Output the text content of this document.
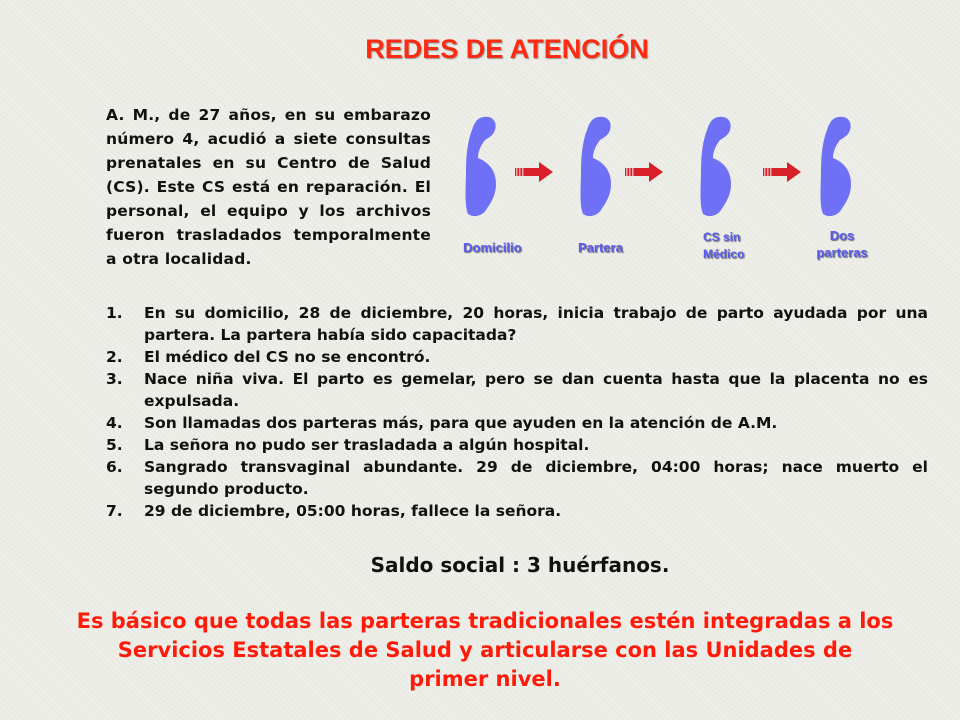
REDES DE ATENCIÓN
A. M., de 27 años, en su embarazo número 4, acudió a siete consultas prenatales en su Centro de Salud (CS). Este CS está en reparación. El personal, el equipo y los archivos fueron trasladados temporalmente a otra localidad.
Domicilio	Partera
CS sin
Médico
Dos
parteras
1.	En su domicilio, 28 de diciembre, 20 horas, inicia trabajo de parto ayudada por una partera. La partera había sido capacitada?
2.	El médico del CS no se encontró.
3.	Nace niña viva. El parto es gemelar, pero se dan cuenta hasta que la placenta no es expulsada.
4.	Son llamadas dos parteras más, para que ayuden en la atención de A.M.
5.	La señora no pudo ser trasladada a algún hospital.
6.	Sangrado transvaginal abundante. 29 de diciembre, 04:00 horas; nace muerto el segundo producto.
7.	29 de diciembre, 05:00 horas, fallece la señora.
Saldo social : 3 huérfanos.
Es básico que todas las parteras tradicionales estén integradas a los Servicios Estatales de Salud y articularse con las Unidades de primer nivel.
